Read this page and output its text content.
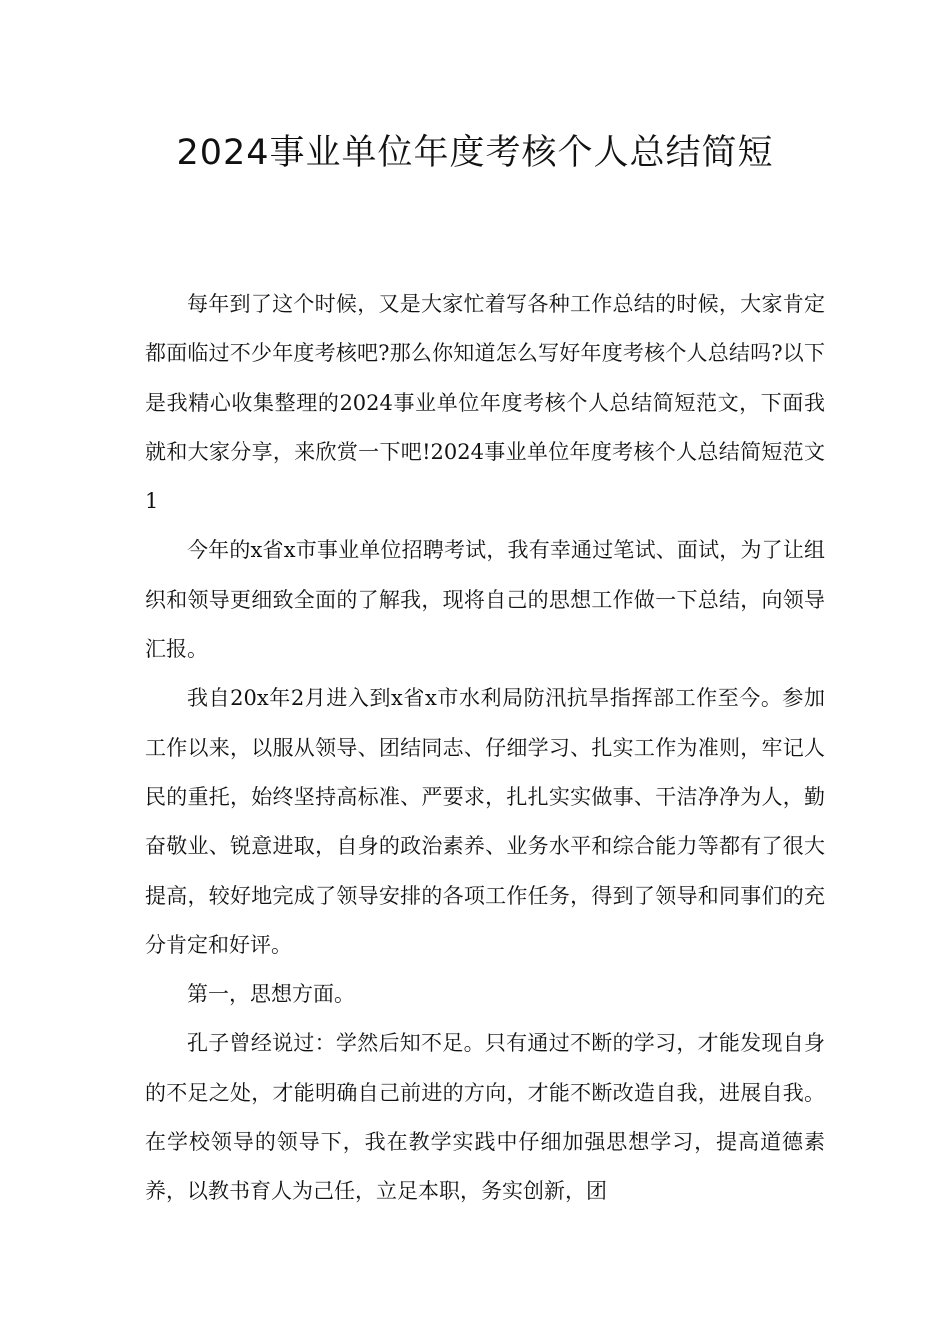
2024事业单位年度考核个人总结简短

每年到了这个时候，又是大家忙着写各种工作总结的时候，大家肯定都面临过不少年度考核吧?那么你知道怎么写好年度考核个人总结吗?以下是我精心收集整理的2024事业单位年度考核个人总结简短范文，下面我就和大家分享，来欣赏一下吧!2024事业单位年度考核个人总结简短范文1

今年的x省x市事业单位招聘考试，我有幸通过笔试、面试，为了让组织和领导更细致全面的了解我，现将自己的思想工作做一下总结，向领导汇报。

我自20x年2月进入到x省x市水利局防汛抗旱指挥部工作至今。参加工作以来，以服从领导、团结同志、仔细学习、扎实工作为准则，牢记人民的重托，始终坚持高标准、严要求，扎扎实实做事、干洁净净为人，勤奋敬业、锐意进取，自身的政治素养、业务水平和综合能力等都有了很大提高，较好地完成了领导安排的各项工作任务，得到了领导和同事们的充分肯定和好评。

第一，思想方面。

孔子曾经说过：学然后知不足。只有通过不断的学习，才能发现自身的不足之处，才能明确自己前进的方向，才能不断改造自我，进展自我。在学校领导的领导下，我在教学实践中仔细加强思想学习，提高道德素养，以教书育人为己任，立足本职，务实创新，团
